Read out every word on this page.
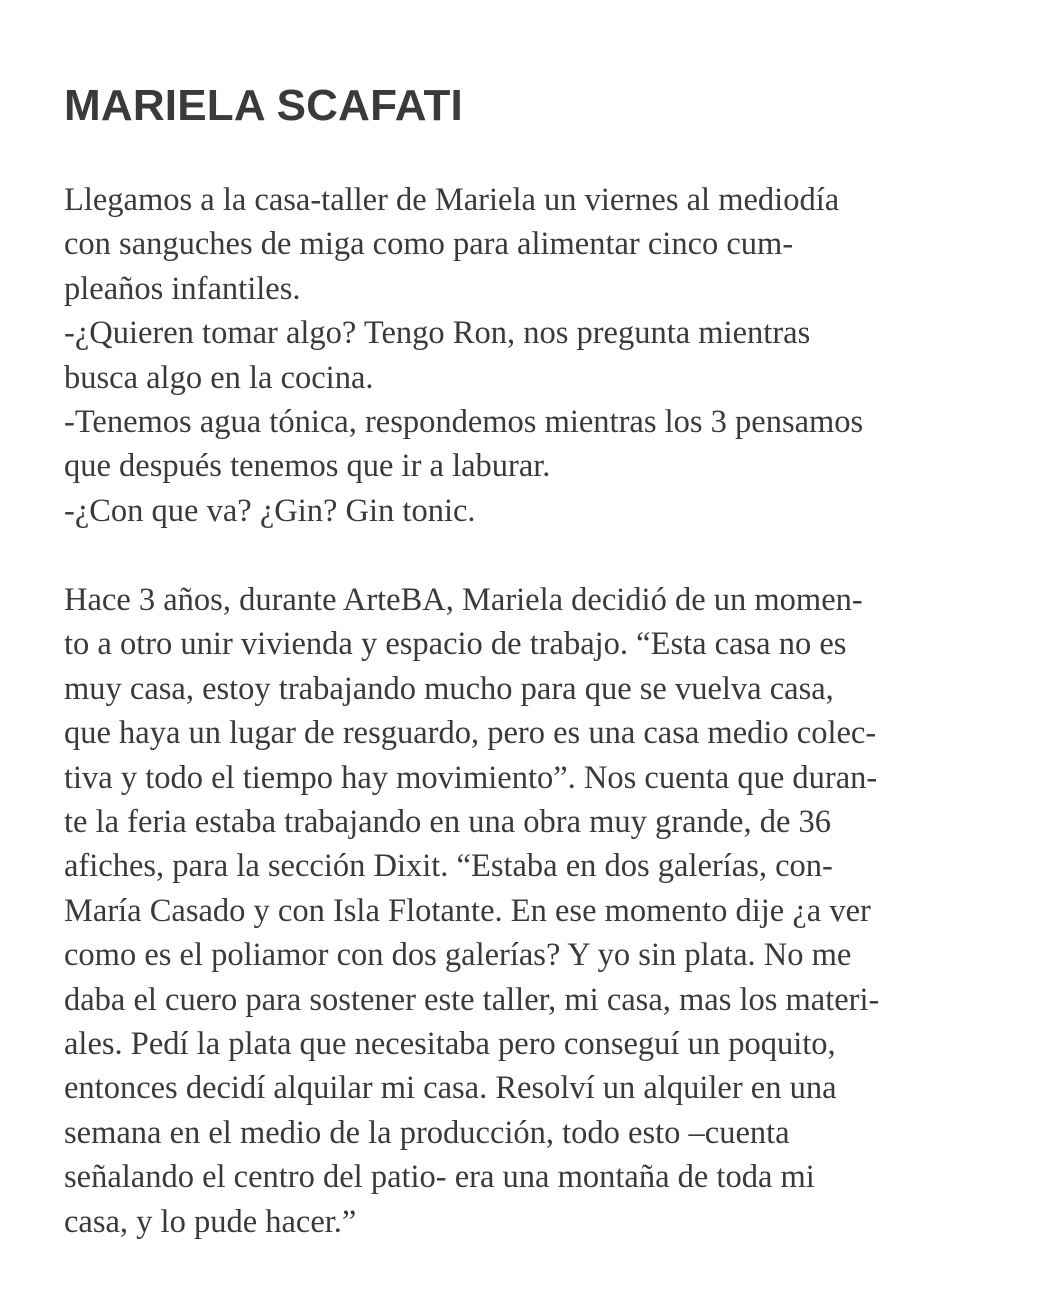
MARIELA SCAFATI
Llegamos a la casa-taller de Mariela un viernes al mediodía
con sanguches de miga como para alimentar cinco cum-
pleaños infantiles.
-¿Quieren tomar algo? Tengo Ron, nos pregunta mientras
busca algo en la cocina.
-Tenemos agua tónica, respondemos mientras los 3 pensamos
que después tenemos que ir a laburar.
-¿Con que va? ¿Gin? Gin tonic.
Hace 3 años, durante ArteBA, Mariela decidió de un momen-
to a otro unir vivienda y espacio de trabajo. “Esta casa no es
muy casa, estoy trabajando mucho para que se vuelva casa,
que haya un lugar de resguardo, pero es una casa medio colec-
tiva y todo el tiempo hay movimiento”. Nos cuenta que duran-
te la feria estaba trabajando en una obra muy grande, de 36
afiches, para la sección Dixit. “Estaba en dos galerías, con-
María Casado y con Isla Flotante. En ese momento dije ¿a ver
como es el poliamor con dos galerías? Y yo sin plata. No me
daba el cuero para sostener este taller, mi casa, mas los materi-
ales. Pedí la plata que necesitaba pero conseguí un poquito,
entonces decidí alquilar mi casa. Resolví un alquiler en una
semana en el medio de la producción, todo esto –cuenta
señalando el centro del patio- era una montaña de toda mi
casa, y lo pude hacer.”
